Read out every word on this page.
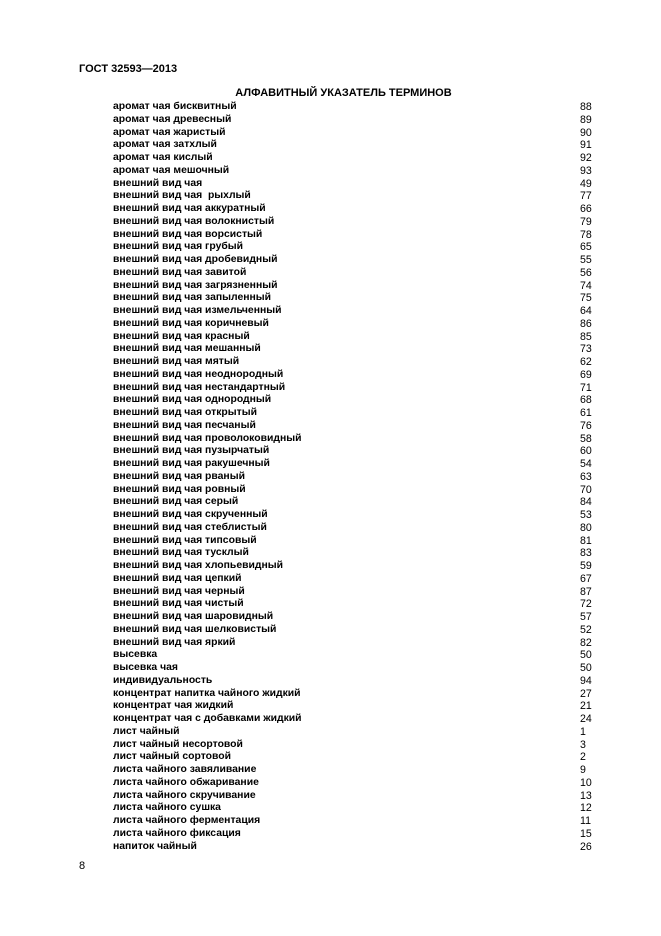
ГОСТ 32593—2013
АЛФАВИТНЫЙ УКАЗАТЕЛЬ ТЕРМИНОВ
аромат чая бисквитный	88
аромат чая древесный	89
аромат чая жаристый	90
аромат чая затхлый	91
аромат чая кислый	92
аромат чая мешочный	93
внешний вид чая	49
внешний вид чая  рыхлый	77
внешний вид чая аккуратный	66
внешний вид чая волокнистый	79
внешний вид чая ворсистый	78
внешний вид чая грубый	65
внешний вид чая дробевидный	55
внешний вид чая завитой	56
внешний вид чая загрязненный	74
внешний вид чая запыленный	75
внешний вид чая измельченный	64
внешний вид чая коричневый	86
внешний вид чая красный	85
внешний вид чая мешанный	73
внешний вид чая мятый	62
внешний вид чая неоднородный	69
внешний вид чая нестандартный	71
внешний вид чая однородный	68
внешний вид чая открытый	61
внешний вид чая песчаный	76
внешний вид чая проволоковидный	58
внешний вид чая пузырчатый	60
внешний вид чая ракушечный	54
внешний вид чая рваный	63
внешний вид чая ровный	70
внешний вид чая серый	84
внешний вид чая скрученный	53
внешний вид чая стеблистый	80
внешний вид чая типсовый	81
внешний вид чая тусклый	83
внешний вид чая хлопьевидный	59
внешний вид чая цепкий	67
внешний вид чая черный	87
внешний вид чая чистый	72
внешний вид чая шаровидный	57
внешний вид чая шелковистый	52
внешний вид чая яркий	82
высевка	50
высевка чая	50
индивидуальность	94
концентрат напитка чайного жидкий	27
концентрат чая жидкий	21
концентрат чая с добавками жидкий	24
лист чайный	1
лист чайный несортовой	3
лист чайный сортовой	2
листа чайного завяливание	9
листа чайного обжаривание	10
листа чайного скручивание	13
листа чайного сушка	12
листа чайного ферментация	11
листа чайного фиксация	15
напиток чайный	26
8
